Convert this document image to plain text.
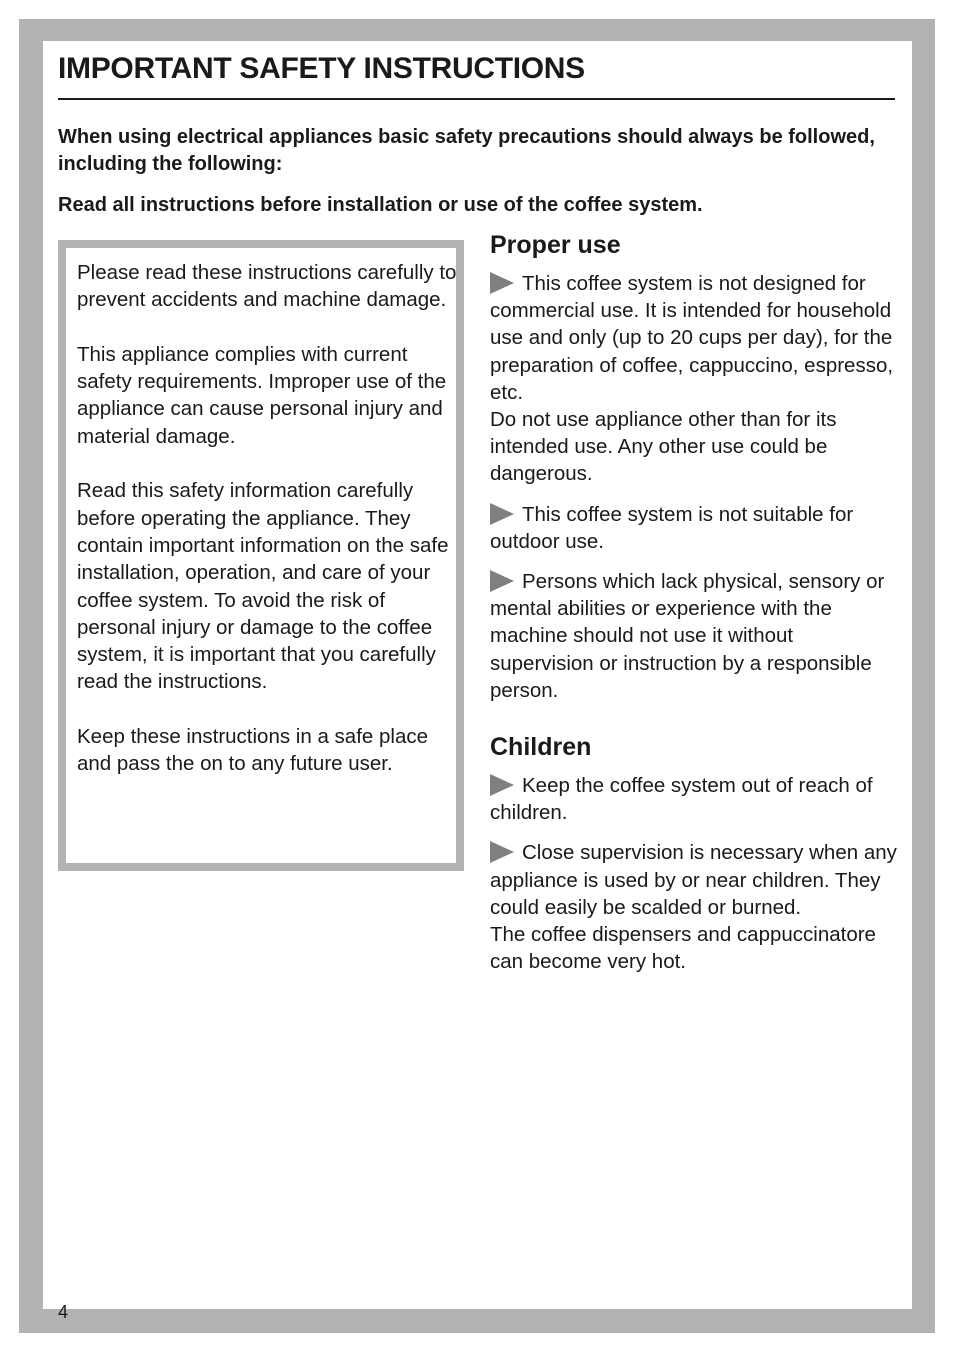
IMPORTANT SAFETY INSTRUCTIONS

When using electrical appliances basic safety precautions should always be followed, including the following:

Read all instructions before installation or use of the coffee system.

Please read these instructions carefully to prevent accidents and machine damage.

This appliance complies with current safety requirements. Improper use of the appliance can cause personal injury and material damage.

Read this safety information carefully before operating the appliance. They contain important information on the safe installation, operation, and care of your coffee system. To avoid the risk of personal injury or damage to the coffee system, it is important that you carefully read the instructions.

Keep these instructions in a safe place and pass the on to any future user.

Proper use

This coffee system is not designed for commercial use. It is intended for household use and only (up to 20 cups per day), for the preparation of coffee, cappuccino, espresso, etc.

Do not use appliance other than for its intended use. Any other use could be dangerous.

This coffee system is not suitable for outdoor use.

Persons which lack physical, sensory or mental abilities or experience with the machine should not use it without supervision or instruction by a responsible person.

Children

Keep the coffee system out of reach of children.

Close supervision is necessary when any appliance is used by or near children. They could easily be scalded or burned.

The coffee dispensers and cappuccinatore can become very hot.

4
